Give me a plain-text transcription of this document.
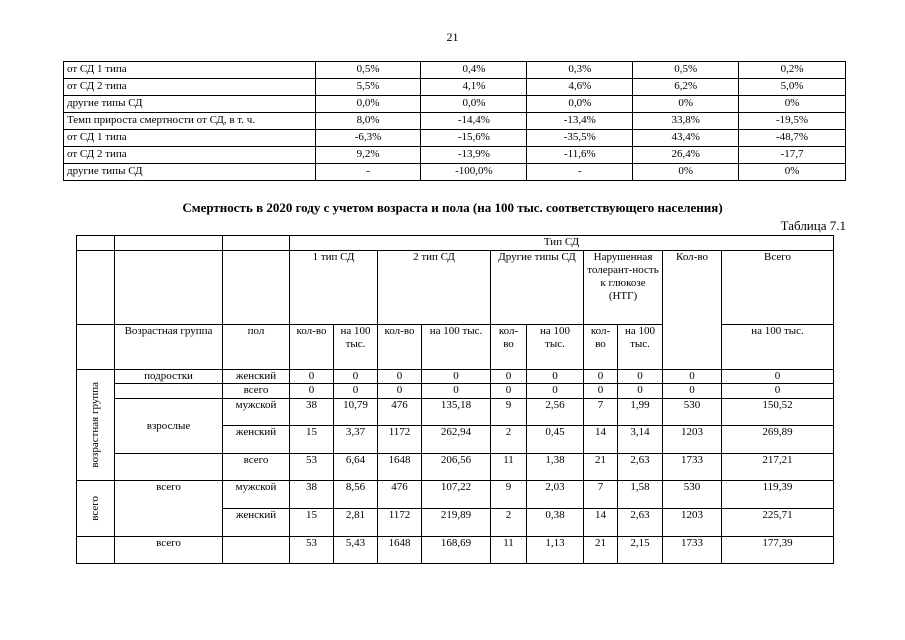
21
от СД 1 типа	0,5%	0,4%	0,3%	0,5%	0,2%
от СД 2 типа	5,5%	4,1%	4,6%	6,2%	5,0%
другие типы СД	0,0%	0,0%	0,0%	0%	0%
Темп прироста смертности от СД, в т. ч.	8,0%	-14,4%	-13,4%	33,8%	-19,5%
от СД 1 типа	-6,3%	-15,6%	-35,5%	43,4%	-48,7%
от СД 2 типа	9,2%	-13,9%	-11,6%	26,4%	-17,7
другие типы СД	-	-100,0%	-	0%	0%
Смертность в 2020 году с учетом возраста и пола (на 100 тыс. соответствующего населения)
Таблица 7.1
			Тип СД									
			1 тип СД		2 тип СД		Другие типы СД		Нарушенная толерант-ность к глюкозе (НТГ)		Кол-во	Всего
	Возрастная группа	пол	кол-во	на 100 тыс.	кол-во	на 100 тыс.	кол-во	на 100 тыс.	кол-во	на 100 тыс.		на 100 тыс.

возрастная группа	подростки	женский	0	0	0	0	0	0	0	0	0	0
		всего	0	0	0	0	0	0	0	0	0	0
	взрослые	мужской	38	10,79	476	135,18	9	2,56	7	1,99	530	150,52
		женский	15	3,37	1172	262,94	2	0,45	14	3,14	1203	269,89
		всего	53	6,64	1648	206,56	11	1,38	21	2,63	1733	217,21

всего	всего	мужской	38	8,56	476	107,22	9	2,03	7	1,58	530	119,39
		женский	15	2,81	1172	219,89	2	0,38	14	2,63	1203	225,71
	всего		53	5,43	1648	168,69	11	1,13	21	2,15	1733	177,39
